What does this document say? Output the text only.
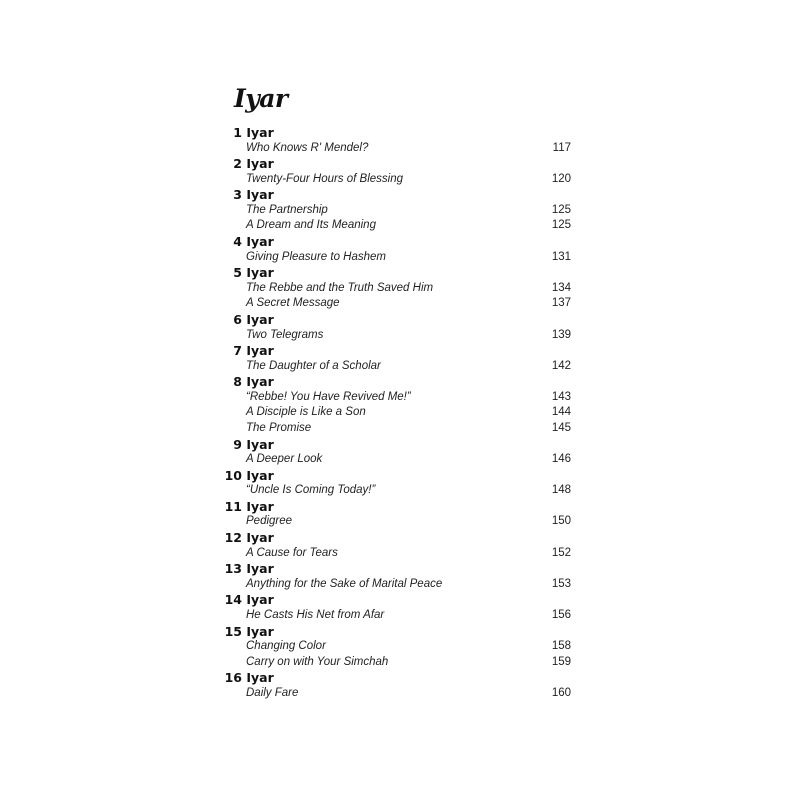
Iyar
1 Iyar
Who Knows R' Mendel?	117
2 Iyar
Twenty-Four Hours of Blessing	120
3 Iyar
The Partnership	125
A Dream and Its Meaning	125
4 Iyar
Giving Pleasure to Hashem	131
5 Iyar
The Rebbe and the Truth Saved Him	134
A Secret Message	137
6 Iyar
Two Telegrams	139
7 Iyar
The Daughter of a Scholar	142
8 Iyar
“Rebbe! You Have Revived Me!”	143
A Disciple is Like a Son	144
The Promise	145
9 Iyar
A Deeper Look	146
10 Iyar
“Uncle Is Coming Today!”	148
11 Iyar
Pedigree	150
12 Iyar
A Cause for Tears	152
13 Iyar
Anything for the Sake of Marital Peace	153
14 Iyar
He Casts His Net from Afar	156
15 Iyar
Changing Color	158
Carry on with Your Simchah	159
16 Iyar
Daily Fare	160
